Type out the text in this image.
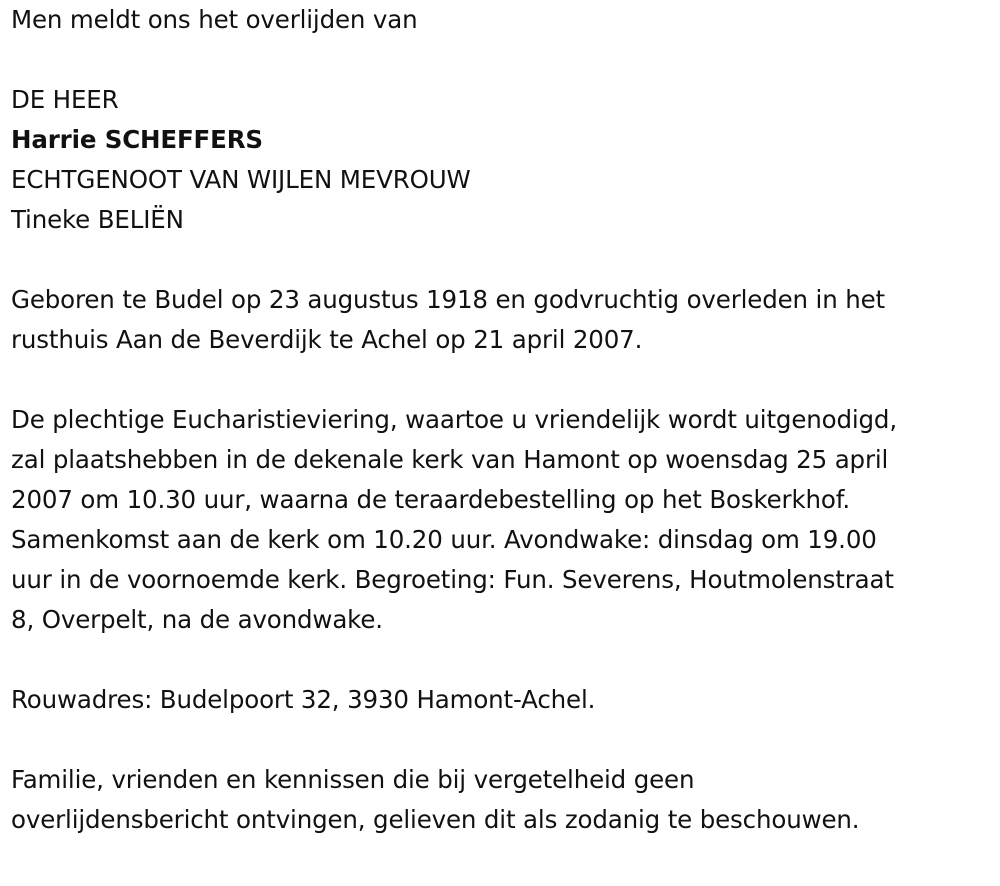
Men meldt ons het overlijden van
DE HEER
Harrie SCHEFFERS
ECHTGENOOT VAN WIJLEN MEVROUW
Tineke BELIËN

Geboren te Budel op 23 augustus 1918 en godvruchtig overleden in het
rusthuis Aan de Beverdijk te Achel op 21 april 2007.

De plechtige Eucharistieviering, waartoe u vriendelijk wordt uitgenodigd,
zal plaatshebben in de dekenale kerk van Hamont op woensdag 25 april
2007 om 10.30 uur, waarna de teraardebestelling op het Boskerkhof.
Samenkomst aan de kerk om 10.20 uur. Avondwake: dinsdag om 19.00
uur in de voornoemde kerk. Begroeting: Fun. Severens, Houtmolenstraat
8, Overpelt, na de avondwake.

Rouwadres: Budelpoort 32, 3930 Hamont-Achel.

Familie, vrienden en kennissen die bij vergetelheid geen
overlijdensbericht ontvingen, gelieven dit als zodanig te beschouwen.
